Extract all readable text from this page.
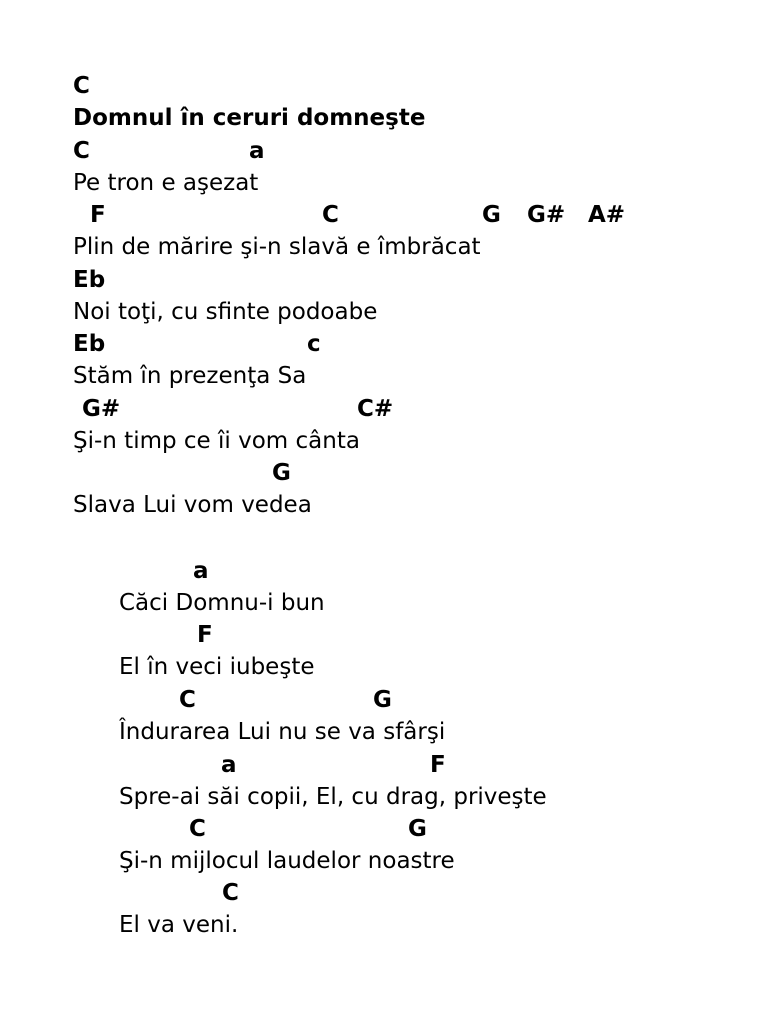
C
Domnul în ceruri domneşte
C	a
Pe tron e aşezat
F	C	G G# A#
Plin de mărire şi-n slavă e îmbrăcat
Eb
Noi toţi, cu sfinte podoabe
Eb	c
Stăm în prezenţa Sa
G#	C#
Şi-n timp ce îi vom cânta
G
Slava Lui vom vedea
a
Căci Domnu-i bun
F
El în veci iubeşte
C	G
Îndurarea Lui nu se va sfârşi
a	F
Spre-ai săi copii, El, cu drag, priveşte
C	G
Şi-n mijlocul laudelor noastre
C
El va veni.
